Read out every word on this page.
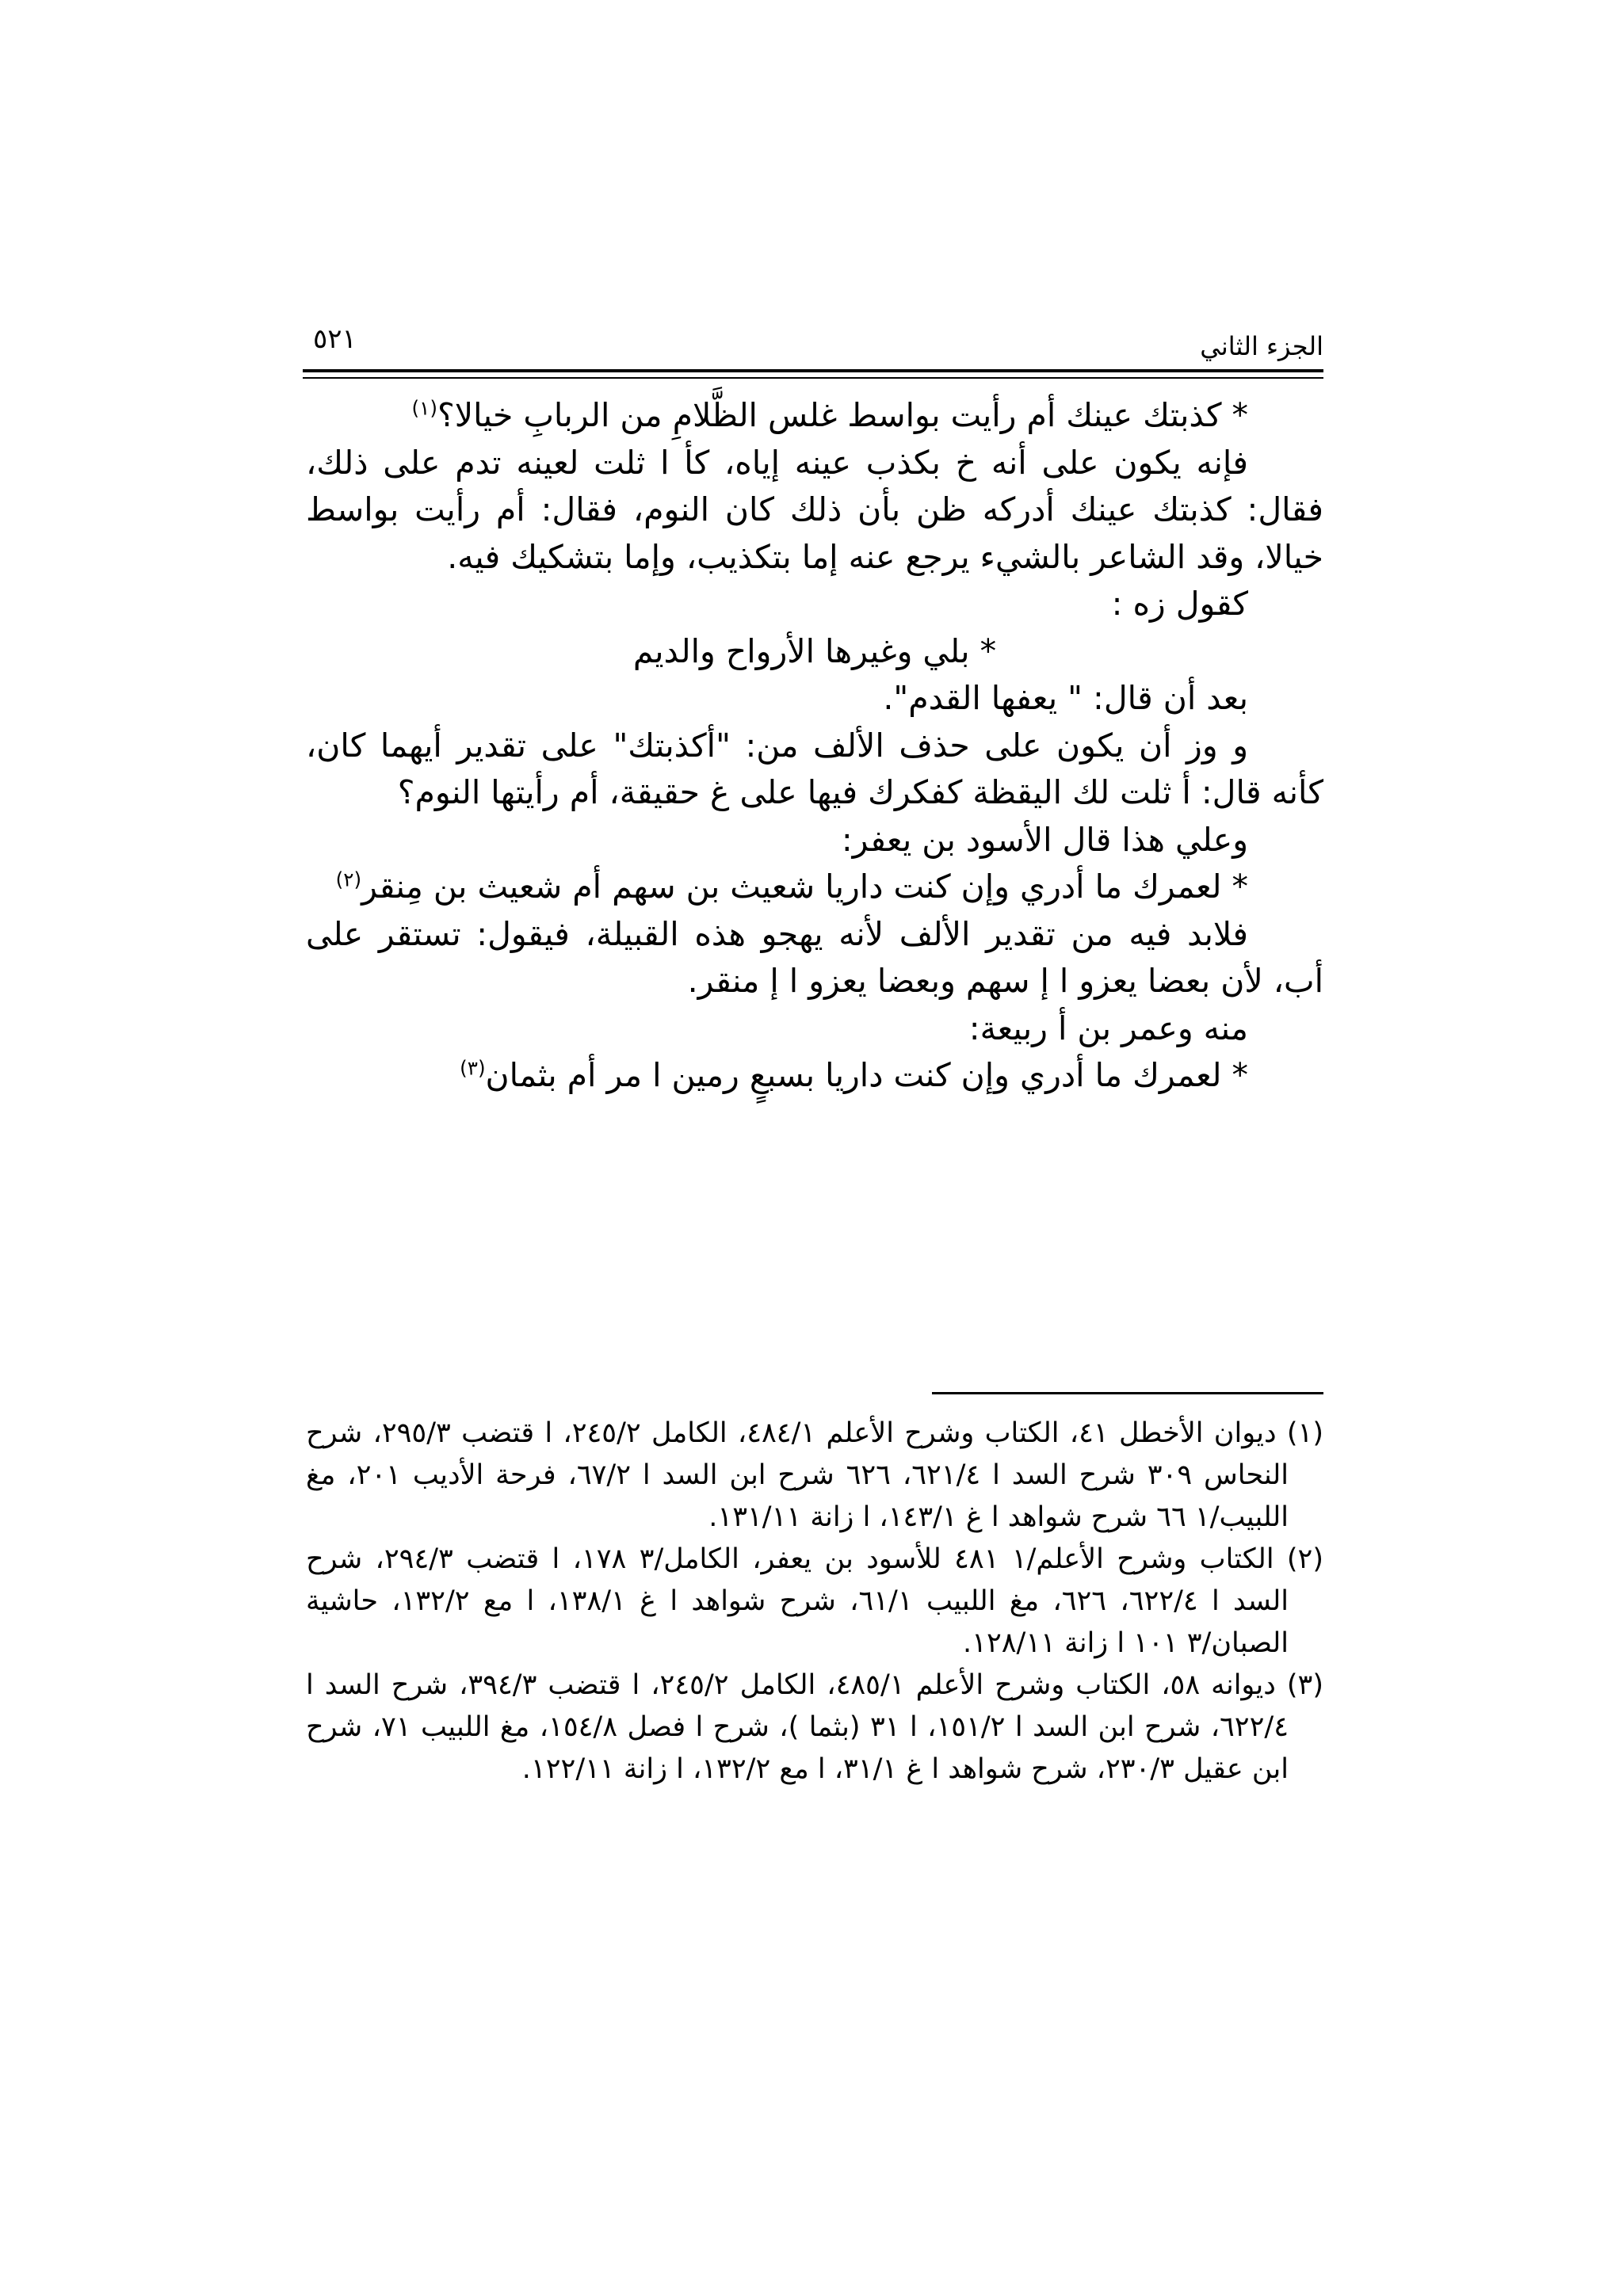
٥٢١	الجزء الثاني

* كذبتك عينك أم رأيت بواسط غلس الظَّلامِ من الربابِ خيالا؟$^{(١)}$

فإنه يكون على أنه خ بكذب عينه إياه، كأ ا ثلت لعينه تدم على ذلك، فقال: كذبتك عينك أدركه ظن بأن ذلك كان النوم، فقال: أم رأيت بواسط خيالا، وقد الشاعر بالشيء يرجع عنه إما بتكذيب، وإما بتشكيك فيه.

كقول زه :

* بلي وغيرها الأرواح والديم

بعد أن قال: " يعفها القدم".

و وز أن يكون على حذف الألف من: "أكذبتك" على تقدير أيهما كان، كأنه قال: أ ثلت لك اليقظة كفكرك فيها على غ حقيقة، أم رأيتها النوم؟

وعلي هذا قال الأسود بن يعفر:

* لعمرك ما أدري وإن كنت داريا شعيث بن سهم أم شعيث بن مِنقر$^{(٢)}$

فلابد فيه من تقدير الألف لأنه يهجو هذه القبيلة، فيقول: تستقر على أب، لأن بعضا يعزو ا إ سهم وبعضا يعزو ا إ منقر.

منه وعمر بن أ ربيعة:

* لعمرك ما أدري وإن كنت داريا بسبعٍ رمين ا مر أم بثمان$^{(٣)}$

(١) ديوان الأخطل ٤١، الكتاب وشرح الأعلم ٤٨٤/١، الكامل ٢٤٥/٢، ا قتضب ٢٩٥/٣، شرح النحاس ٣٠٩ شرح السد ا ٦٢١/٤، ٦٢٦ شرح ابن السد ا ٦٧/٢، فرحة الأديب ٢٠١، مغ اللبيب/١ ٦٦ شرح شواهد ا غ ١٤٣/١، ا زانة ١٣١/١١.

(٢) الكتاب وشرح الأعلم/١ ٤٨١ للأسود بن يعفر، الكامل/٣ ١٧٨، ا قتضب ٢٩٤/٣، شرح السد ا ٦٢٢/٤، ٦٢٦، مغ اللبيب ٦١/١، شرح شواهد ا غ ١٣٨/١، ا مع ١٣٢/٢، حاشية الصبان/٣ ١٠١ ا زانة ١٢٨/١١.

(٣) ديوانه ٥٨، الكتاب وشرح الأعلم ٤٨٥/١، الكامل ٢٤٥/٢، ا قتضب ٣٩٤/٣، شرح السد ا ٦٢٢/٤، شرح ابن السد ا ١٥١/٢، ا ٣١ (بثما )، شرح ا فصل ١٥٤/٨، مغ اللبيب ٧١، شرح ابن عقيل ٢٣٠/٣، شرح شواهد ا غ ٣١/١، ا مع ١٣٢/٢، ا زانة ١٢٢/١١.
